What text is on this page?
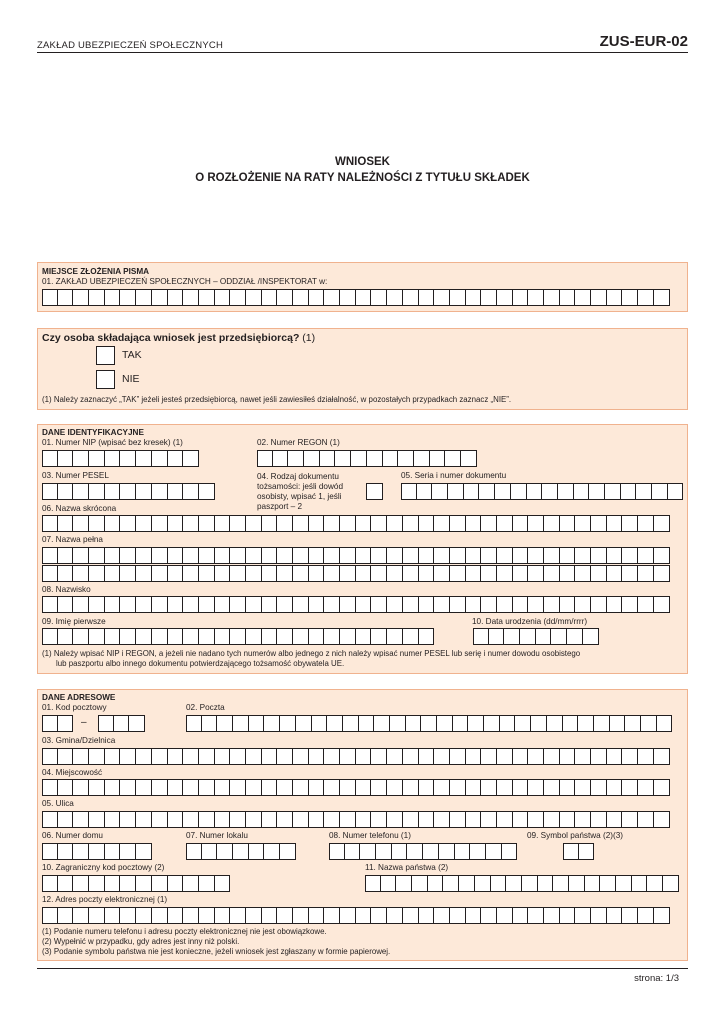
ZAKŁAD UBEZPIECZEŃ SPOŁECZNYCH	ZUS-EUR-02
WNIOSEK
O ROZŁOŻENIE NA RATY NALEŻNOŚCI Z TYTUŁU SKŁADEK
MIEJSCE ZŁOŻENIA PISMA
01. ZAKŁAD UBEZPIECZEŃ SPOŁECZNYCH – ODDZIAŁ /INSPEKTORAT w:
Czy osoba składająca wniosek jest przedsiębiorcą? (1)
TAK
NIE
(1) Należy zaznaczyć „TAK” jeżeli jesteś przedsiębiorcą, nawet jeśli zawiesiłeś działalność, w pozostałych przypadkach zaznacz „NIE”.
DANE IDENTYFIKACYJNE
01. Numer NIP (wpisać bez kresek) (1)	02. Numer REGON (1)
03. Numer PESEL	04. Rodzaj dokumentu
tożsamości: jeśli dowód
osobisty, wpisać 1, jeśli
paszport – 2
05. Seria i numer dokumentu
06. Nazwa skrócona
07. Nazwa pełna
08. Nazwisko
09. Imię pierwsze	10. Data urodzenia (dd/mm/rrrr)
(1) Należy wpisać NIP i REGON, a jeżeli nie nadano tych numerów albo jednego z nich należy wpisać numer PESEL lub serię i numer dowodu osobistego
lub paszportu albo innego dokumentu potwierdzającego tożsamość obywatela UE.
DANE ADRESOWE
01. Kod pocztowy	02. Poczta
–
03. Gmina/Dzielnica
04. Miejscowość
05. Ulica
06. Numer domu	07. Numer lokalu	08. Numer telefonu (1)	09. Symbol państwa (2)(3)
10. Zagraniczny kod pocztowy (2)	11. Nazwa państwa (2)
12. Adres poczty elektronicznej (1)
(1) Podanie numeru telefonu i adresu poczty elektronicznej nie jest obowiązkowe.
(2) Wypełnić w przypadku, gdy adres jest inny niż polski.
(3) Podanie symbolu państwa nie jest konieczne, jeżeli wniosek jest zgłaszany w formie papierowej.
strona: 1/3
